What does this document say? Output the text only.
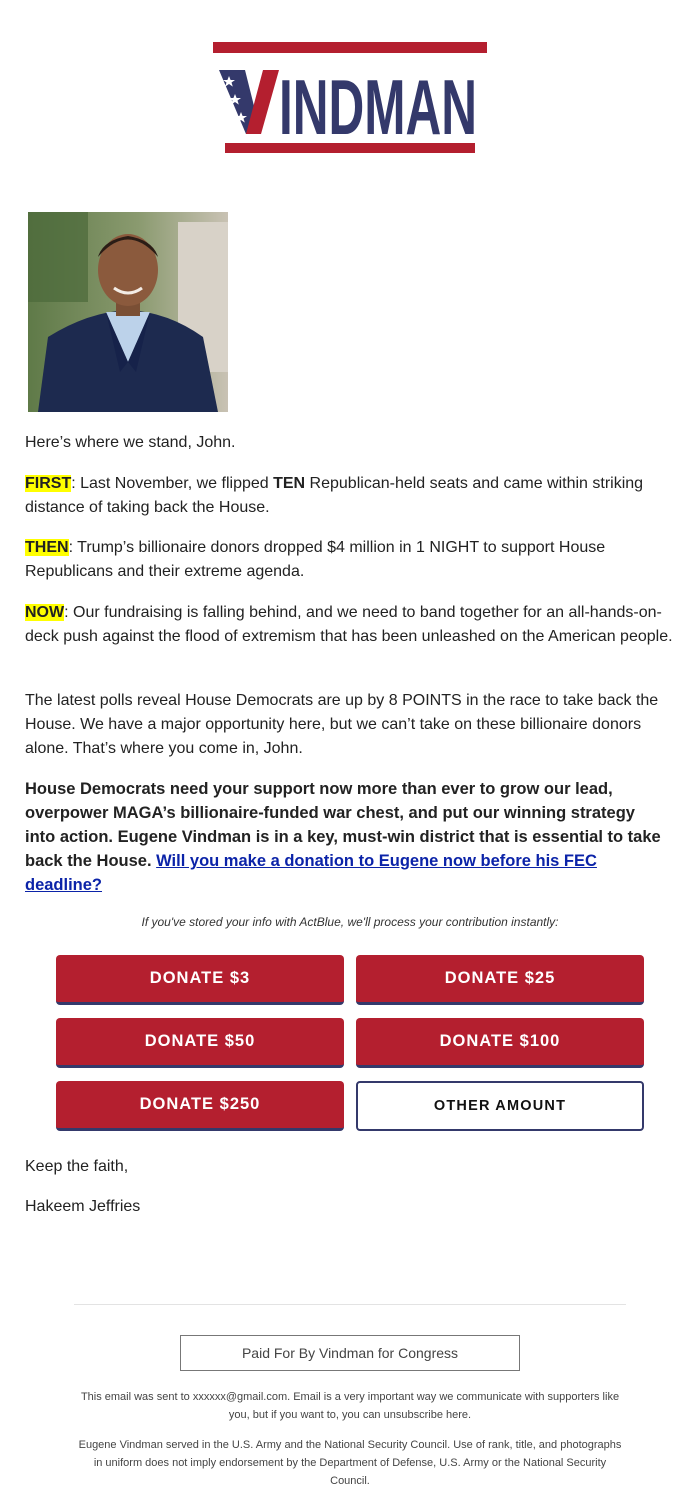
INDMAN

Here’s where we stand, John.

FIRST: Last November, we flipped TEN Republican-held seats and came within striking distance of taking back the House.

THEN: Trump’s billionaire donors dropped $4 million in 1 NIGHT to support House Republicans and their extreme agenda.

NOW: Our fundraising is falling behind, and we need to band together for an all-hands-on-deck push against the flood of extremism that has been unleashed on the American people.

The latest polls reveal House Democrats are up by 8 POINTS in the race to take back the House. We have a major opportunity here, but we can’t take on these billionaire donors alone. That’s where you come in, John.

House Democrats need your support now more than ever to grow our lead, overpower MAGA’s billionaire-funded war chest, and put our winning strategy into action. Eugene Vindman is in a key, must-win district that is essential to take back the House. Will you make a donation to Eugene now before his FEC deadline?

If you've stored your info with ActBlue, we'll process your contribution instantly:
DONATE $3	DONATE $25
DONATE $50	DONATE $100
DONATE $250	OTHER AMOUNT

Keep the faith,

Hakeem Jeffries

Paid For By Vindman for Congress
This email was sent to xxxxxx@gmail.com. Email is a very important way we communicate with supporters like you, but if you want to, you can unsubscribe here.
Eugene Vindman served in the U.S. Army and the National Security Council. Use of rank, title, and photographs in uniform does not imply endorsement by the Department of Defense, U.S. Army or the National Security Council.
